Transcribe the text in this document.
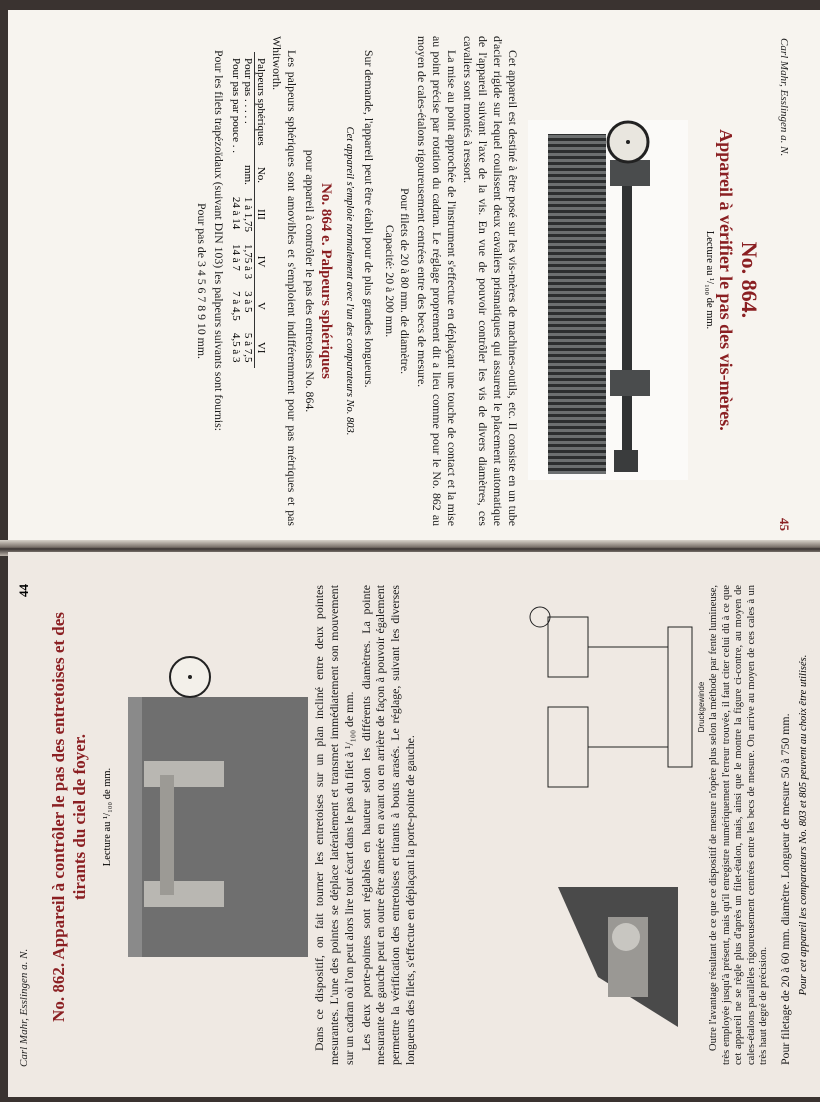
Carl Mahr, Esslingen a. N.
45
No. 864.
Appareil à vérifier le pas des vis-mères.
Lecture au ¹/₁₀₀ de mm.

Cet appareil est destiné à être posé sur les vis-mères de machines-outils, etc. Il consiste en un tube d'acier rigide sur lequel coulissent deux cavaliers prismatiques qui assurent le placement automatique de l'appareil suivant l'axe de la vis. En vue de pouvoir contrôler les vis de divers diamètres, ces cavaliers sont montés à ressort.

La mise au point approchée de l'instrument s'effectue en déplaçant une touche de contact et la mise au point précise par rotation du cadran. Le réglage proprement dit a lieu comme pour le No. 862 au moyen de cales-étalons rigoureusement centrées entre des becs de mesure.

Pour filets de 20 à 80 mm. de diamètre.
Capacité: 20 à 200 mm.

Sur demande, l'appareil peut être établi pour de plus grandes longueurs.

Cet appareil s'emploie normalement avec l'un des comparateurs No. 803.
No. 864 e. Palpeurs sphériques
pour appareil à contrôler le pas des entretoises No. 864.

Les palpeurs sphériques sont amovibles et s'emploient indifféremment pour pas métriques et pas Whitworth.

Palpeurs sphériques	No.	III	IV	V	VI
Pour pas . . . . .	mm.	1 à 1,75	1,75 à 3	3 à 5	5 à 7,5
Pour pas par pouce . .		24 à 14	14 à 7	7 à 4,5	4,5 à 3

Pour les filets trapézoïdaux (suivant DIN 103) les palpeurs suivants sont fournis:

Pour pas de 3 4 5 6 7 8 9 10 mm.
Carl Mahr, Esslingen a. N.
44
No. 862. Appareil à contrôler le pas des entretoises et des tirants du ciel de foyer. Lecture au ¹/₁₀₀ de mm.	Dans ce dispositif, on fait tourner les entretoises sur un plan incliné entre deux pointes mesurantes. L'une des pointes se déplace latéralement et transmet immédiatement son mouvement sur un cadran où l'on peut alors lire tout écart dans le pas du filet à ¹/₁₀₀ de mm. Les deux porte-pointes sont réglables en hauteur selon les différents diamètres. La pointe mesurante de gauche peut en outre être amenée en avant ou en arrière de façon à pouvoir également permettre la vérification des entretoises et tirants à bouts arasés. Le réglage, suivant les diverses longueurs des filets, s'effectue en déplaçant la porte-pointe de gauche.

Druckgewinde Outre l'avantage résultant de ce que ce dispositif de mesure n'opère plus selon la méthode par fente lumineuse, très employée jusqu'à présent, mais qu'il enregistre numériquement l'erreur trouvée, il faut citer celui dû à ce que cet appareil ne se règle plus d'après un filet-étalon, mais, ainsi que le montre la figure ci-contre, au moyen de cales-étalons parallèles rigoureusement centrées entre les becs de mesure. On arrive au moyen de ces cales à un très haut degré de précision. Pour filetage de 20 à 60 mm. diamètre. Longueur de mesure 50 à 750 mm. Pour cet appareil les comparateurs No. 803 et 805 peuvent au choix être utilisés.
